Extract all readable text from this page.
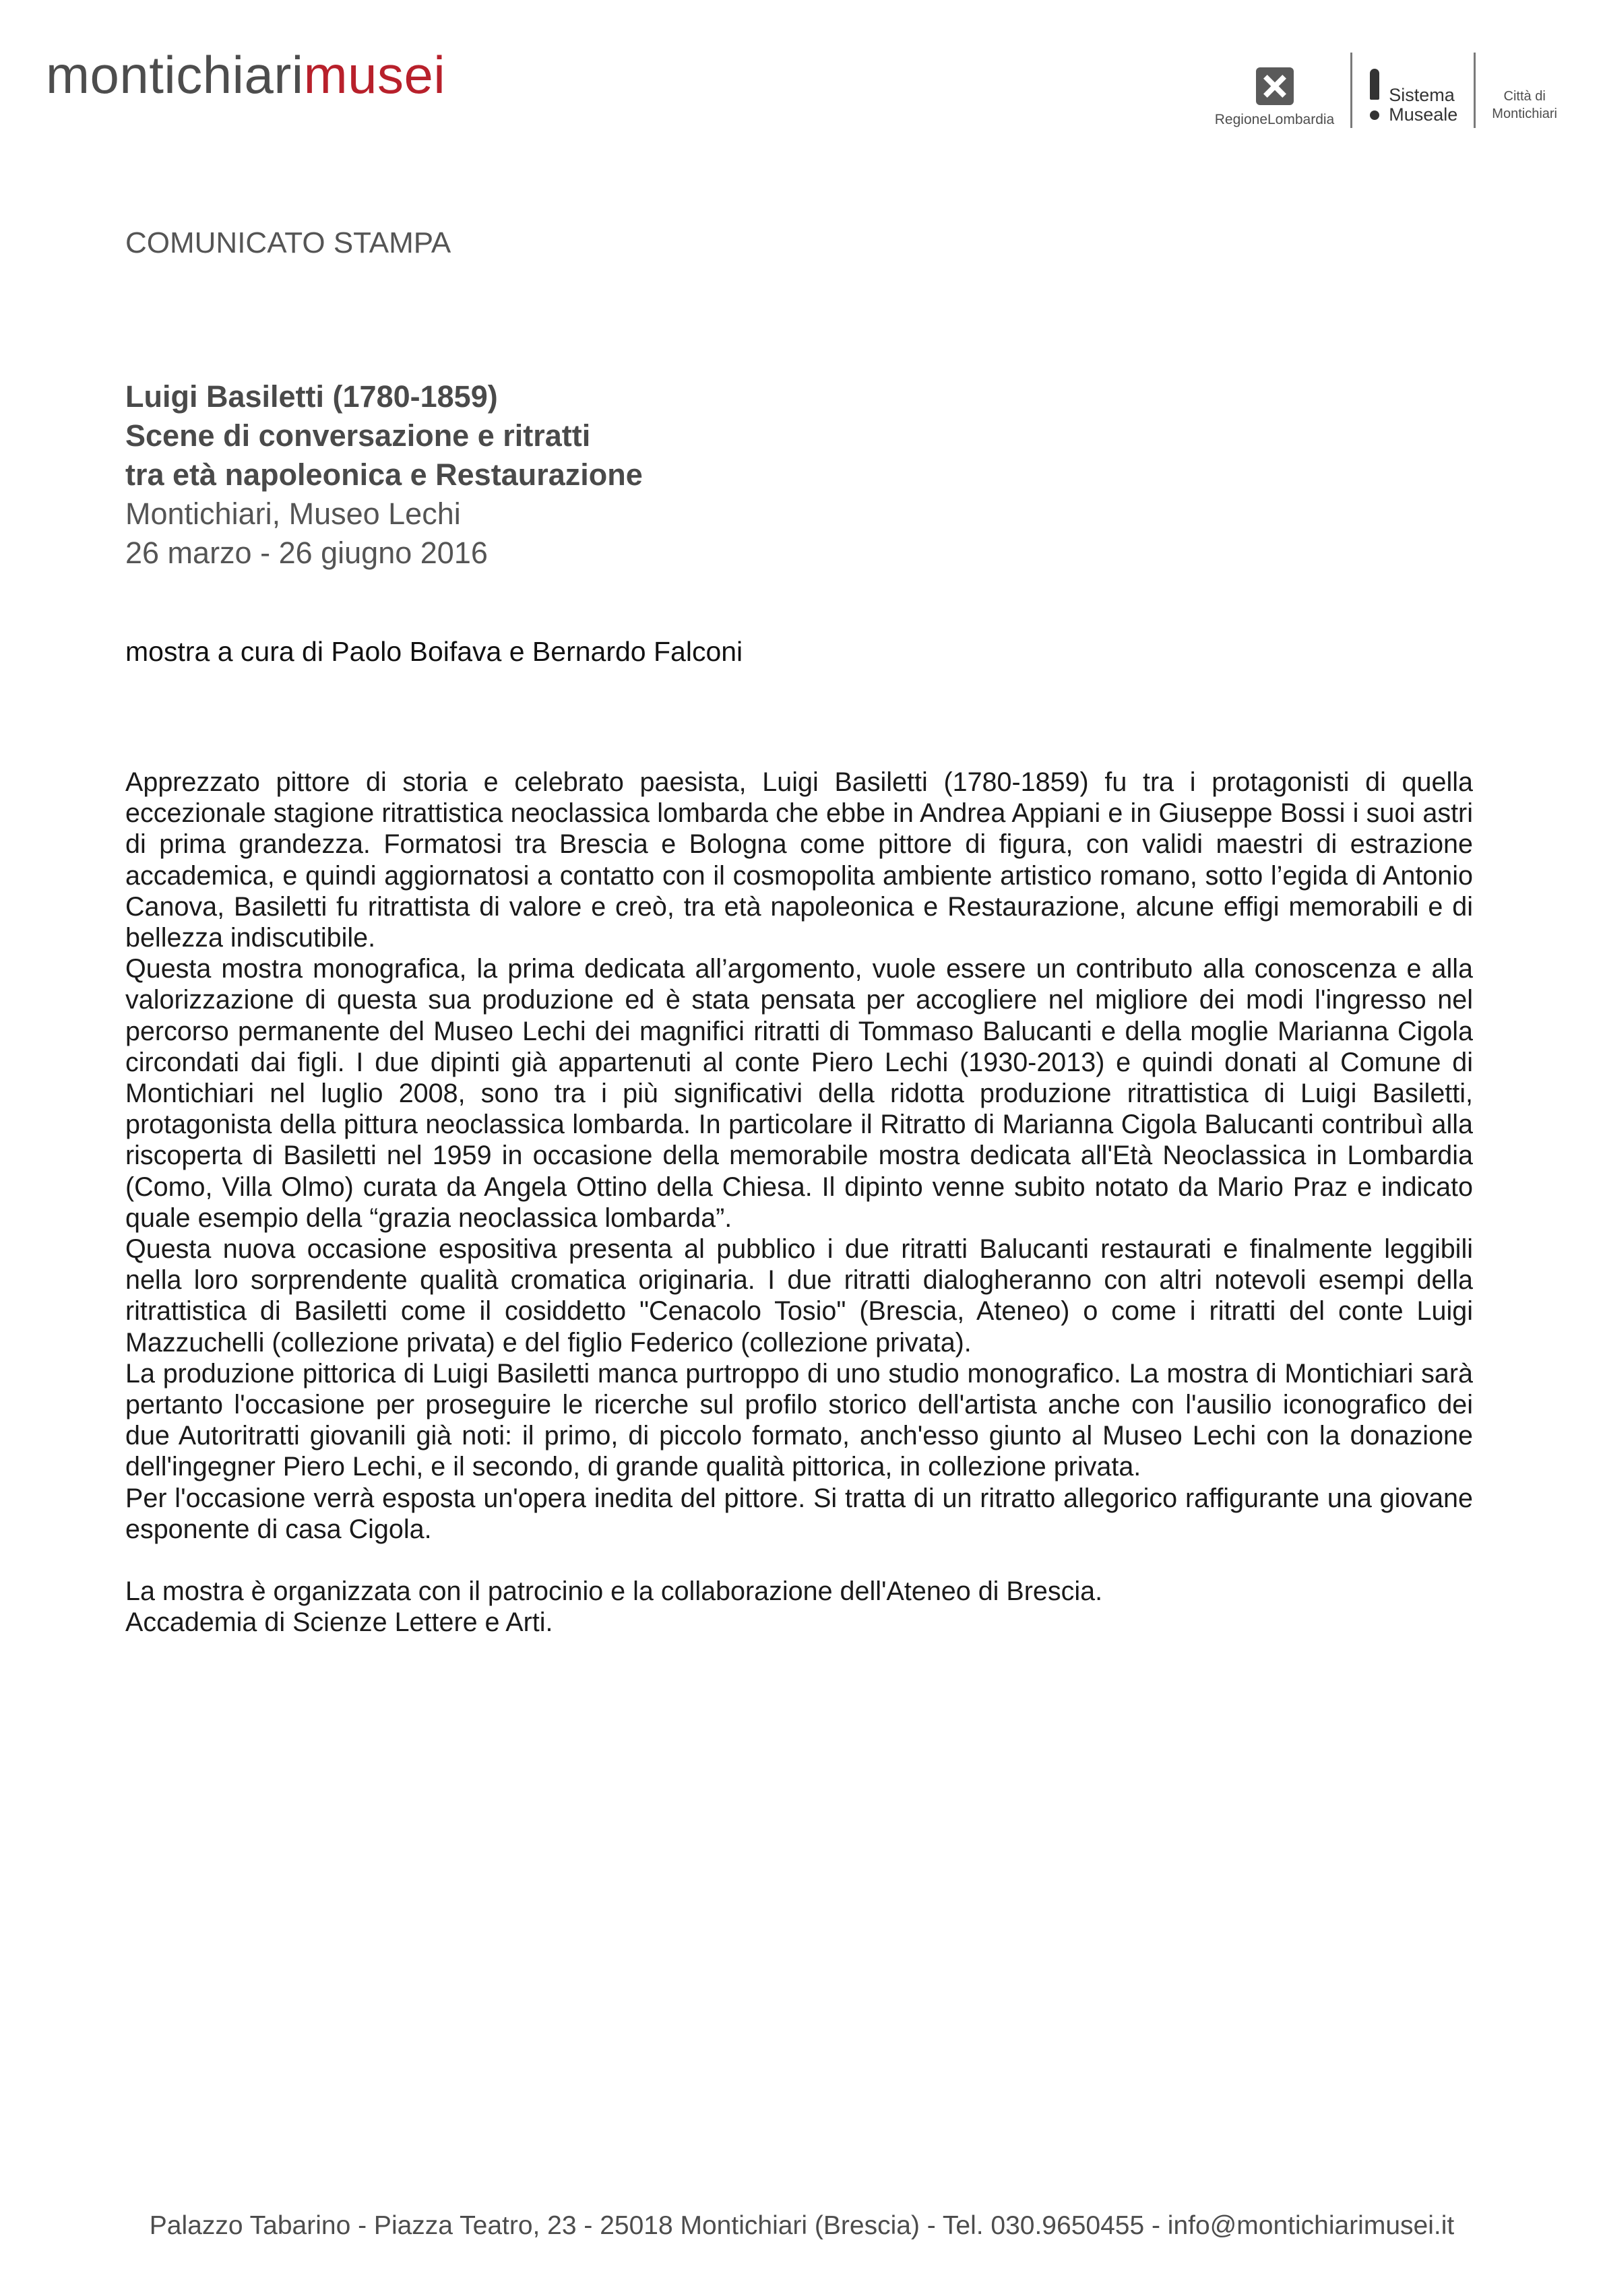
montichiarimusei
RegioneLombardia
Sistema
Museale
Città di
Montichiari
COMUNICATO STAMPA
Luigi Basiletti (1780-1859)
Scene di conversazione e ritratti
tra età napoleonica e Restaurazione
Montichiari, Museo Lechi
26 marzo - 26 giugno 2016
mostra a cura di Paolo Boifava e Bernardo Falconi

Apprezzato pittore di storia e celebrato paesista, Luigi Basiletti (1780-1859) fu tra i protagonisti di quella eccezionale stagione ritrattistica neoclassica lombarda che ebbe in Andrea Appiani e in Giuseppe Bossi i suoi astri di prima grandezza. Formatosi tra Brescia e Bologna come pittore di figura, con validi maestri di estrazione accademica, e quindi aggiornatosi a contatto con il cosmopolita ambiente artistico romano, sotto l’egida di Antonio Canova, Basiletti fu ritrattista di valore e creò, tra età napoleonica e Restaurazione, alcune effigi memorabili e di bellezza indiscutibile.

Questa mostra monografica, la prima dedicata all’argomento, vuole essere un contributo alla conoscenza e alla valorizzazione di questa sua produzione ed è stata pensata per accogliere nel migliore dei modi l'ingresso nel percorso permanente del Museo Lechi dei magnifici ritratti di Tommaso Balucanti e della moglie Marianna Cigola circondati dai figli. I due dipinti già appartenuti al conte Piero Lechi (1930-2013) e quindi donati al Comune di Montichiari nel luglio 2008, sono tra i più significativi della ridotta produzione ritrattistica di Luigi Basiletti, protagonista della pittura neoclassica lombarda. In particolare il Ritratto di Marianna Cigola Balucanti contribuì alla riscoperta di Basiletti nel 1959 in occasione della memorabile mostra dedicata all'Età Neoclassica in Lombardia (Como, Villa Olmo) curata da Angela Ottino della Chiesa. Il dipinto venne subito notato da Mario Praz e indicato quale esempio della “grazia neoclassica lombarda”.

Questa nuova occasione espositiva presenta al pubblico i due ritratti Balucanti restaurati e finalmente leggibili nella loro sorprendente qualità cromatica originaria. I due ritratti dialogheranno con altri notevoli esempi della ritrattistica di Basiletti come il cosiddetto "Cenacolo Tosio" (Brescia, Ateneo) o come i ritratti del conte Luigi Mazzuchelli (collezione privata) e del figlio Federico (collezione privata).

La produzione pittorica di Luigi Basiletti manca purtroppo di uno studio monografico. La mostra di Montichiari sarà pertanto l'occasione per proseguire le ricerche sul profilo storico dell'artista anche con l'ausilio iconografico dei due Autoritratti giovanili già noti: il primo, di piccolo formato, anch'esso giunto al Museo Lechi con la donazione dell'ingegner Piero Lechi, e il secondo, di grande qualità pittorica, in collezione privata.

Per l'occasione verrà esposta un'opera inedita del pittore. Si tratta di un ritratto allegorico raffigurante una giovane esponente di casa Cigola.

La mostra è organizzata con il patrocinio e la collaborazione dell'Ateneo di Brescia.

Accademia di Scienze Lettere e Arti.

Palazzo Tabarino - Piazza Teatro, 23 - 25018 Montichiari (Brescia) - Tel. 030.9650455 - info@montichiarimusei.it
